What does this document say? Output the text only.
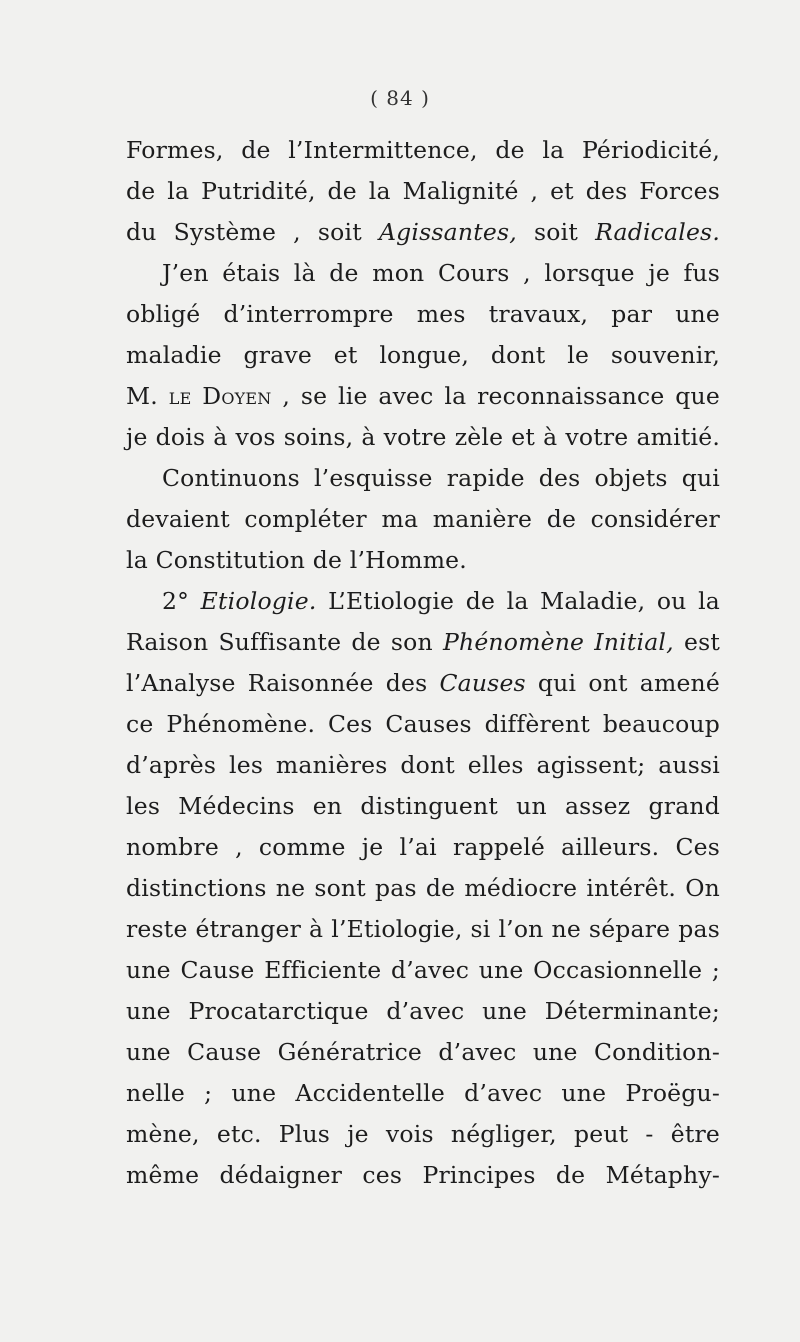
( 84 )
Formes, de l’Intermittence, de la Périodicité,
de la Putridité, de la Malignité , et des Forces
du Système , soit Agissantes, soit Radicales.
J’en étais là de mon Cours , lorsque je fus
obligé d’interrompre mes travaux, par une
maladie grave et longue, dont le souvenir,
M. le Doyen , se lie avec la reconnaissance que
je dois à vos soins, à votre zèle et à votre amitié.
Continuons l’esquisse rapide des objets qui
devaient compléter ma manière de considérer
la Constitution de l’Homme.
2° Etiologie. L’Etiologie de la Maladie, ou la
Raison Suffisante de son Phénomène Initial, est
l’Analyse Raisonnée des Causes qui ont amené
ce Phénomène. Ces Causes diffèrent beaucoup
d’après les manières dont elles agissent; aussi
les Médecins en distinguent un assez grand
nombre , comme je l’ai rappelé ailleurs. Ces
distinctions ne sont pas de médiocre intérêt. On
reste étranger à l’Etiologie, si l’on ne sépare pas
une Cause Efficiente d’avec une Occasionnelle ;
une Procatarctique d’avec une Déterminante;
une Cause Génératrice d’avec une Condition-
nelle ; une Accidentelle d’avec une Proëgu-
mène, etc. Plus je vois négliger, peut - être
même dédaigner ces Principes de Métaphy-
